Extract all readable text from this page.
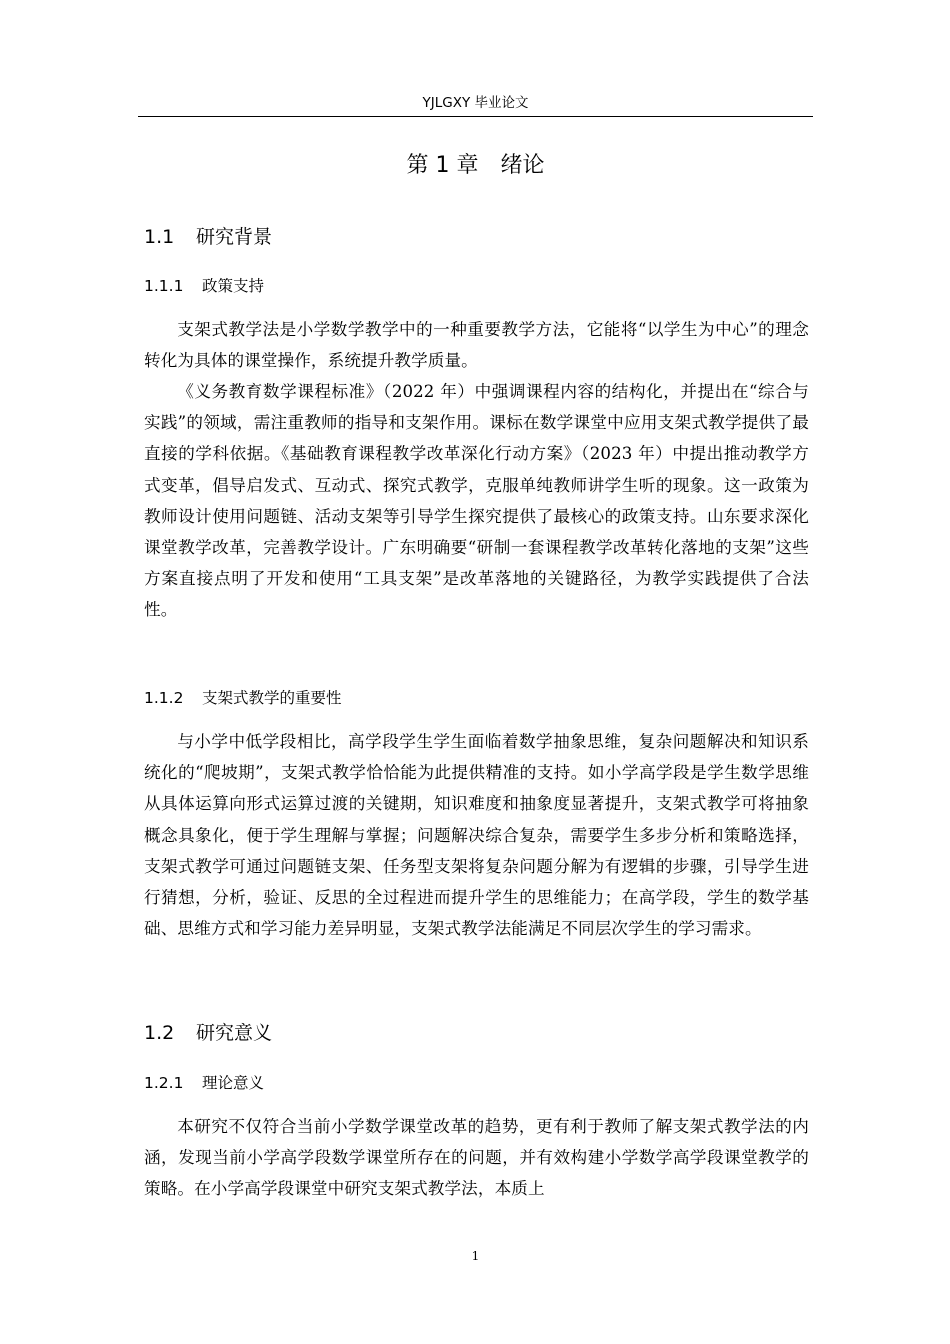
YJLGXY 毕业论文
第 1 章　绪论
1.1 研究背景
1.1.1 政策支持

支架式教学法是小学数学教学中的一种重要教学方法，它能将“以学生为中心”的理念转化为具体的课堂操作，系统提升教学质量。

《义务教育数学课程标准》（2022 年）中强调课程内容的结构化，并提出在“综合与实践”的领域，需注重教师的指导和支架作用。课标在数学课堂中应用支架式教学提供了最直接的学科依据。《基础教育课程教学改革深化行动方案》（2023 年）中提出推动教学方式变革，倡导启发式、互动式、探究式教学，克服单纯教师讲学生听的现象。这一政策为教师设计使用问题链、活动支架等引导学生探究提供了最核心的政策支持。山东要求深化课堂教学改革，完善教学设计。广东明确要“研制一套课程教学改革转化落地的支架”这些方案直接点明了开发和使用“工具支架”是改革落地的关键路径，为教学实践提供了合法性。

1.1.2 支架式教学的重要性

与小学中低学段相比，高学段学生学生面临着数学抽象思维，复杂问题解决和知识系统化的“爬坡期”，支架式教学恰恰能为此提供精准的支持。如小学高学段是学生数学思维从具体运算向形式运算过渡的关键期，知识难度和抽象度显著提升，支架式教学可将抽象概念具象化，便于学生理解与掌握；问题解决综合复杂，需要学生多步分析和策略选择，支架式教学可通过问题链支架、任务型支架将复杂问题分解为有逻辑的步骤，引导学生进行猜想，分析，验证、反思的全过程进而提升学生的思维能力；在高学段，学生的数学基础、思维方式和学习能力差异明显，支架式教学法能满足不同层次学生的学习需求。

1.2 研究意义
1.2.1 理论意义

本研究不仅符合当前小学数学课堂改革的趋势，更有利于教师了解支架式教学法的内涵，发现当前小学高学段数学课堂所存在的问题，并有效构建小学数学高学段课堂教学的策略。在小学高学段课堂中研究支架式教学法，本质上

1
